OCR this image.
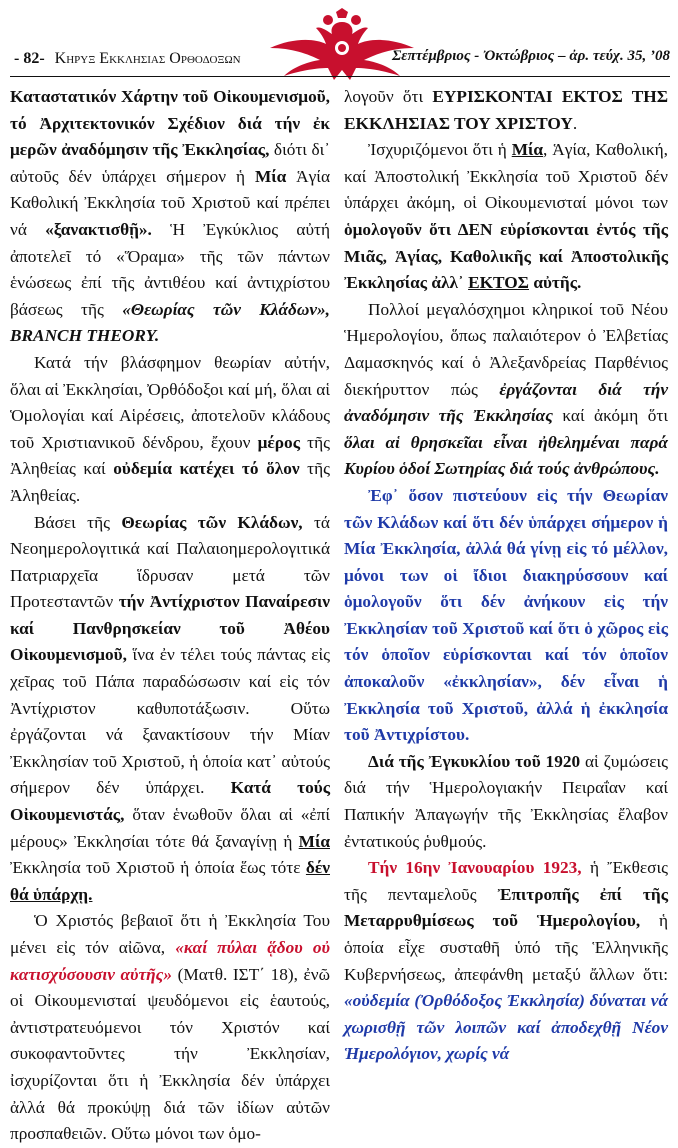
- 82- Κηρυξ Εκκλησιας Ορθοδοξων	Σεπτέμβριος - Ὀκτώβριος – ἀρ. τεύχ. 35, ’08

Καταστατικόν Χάρτην τοῦ Οἰκουμενισμοῦ, τό Ἀρχιτεκτονικόν Σχέδιον διά τήν ἐκ μερῶν ἀναδόμησιν τῆς Ἐκκλησίας, διότι δι᾽ αὐτοῦς δέν ὑπάρχει σήμερον ἡ Μία Ἁγία Καθολική Ἐκκλησία τοῦ Χριστοῦ καί πρέπει νά «ξανακτισθῇ». Ἡ Ἐγκύκλιος αὐτή ἀποτελεῖ τό «Ὅραμα» τῆς τῶν πάντων ἑνώσεως ἐπί τῆς ἀντιθέου καί ἀντιχρίστου βάσεως τῆς «Θεωρίας τῶν Κλάδων», BRANCH THEORY.

Κατά τήν βλάσφημον θεωρίαν αὐτήν, ὅλαι αἱ Ἐκκλησίαι, Ὀρθόδοξοι καί μή, ὅλαι αἱ Ὁμολογίαι καί Αἱρέσεις, ἀποτελοῦν κλάδους τοῦ Χριστιανικοῦ δένδρου, ἔχουν μέρος τῆς Ἀληθείας καί οὐδεμία κατέχει τό ὅλον τῆς Ἀληθείας.

Βάσει τῆς Θεωρίας τῶν Κλάδων, τά Νεοημερολογιτικά καί Παλαιοημερολογιτικά Πατριαρχεῖα ἵδρυσαν μετά τῶν Προτεσταντῶν τήν Ἀντίχριστον Παναίρεσιν καί Πανθρησκείαν τοῦ Ἀθέου Οἰκουμενισμοῦ, ἵνα ἐν τέλει τούς πάντας εἰς χεῖρας τοῦ Πάπα παραδώσωσιν καί εἰς τόν Ἀντίχριστον καθυποτάξωσιν. Οὕτω ἐργάζονται νά ξανακτίσουν τήν Μίαν Ἐκκλησίαν τοῦ Χριστοῦ, ἡ ὁποία κατ᾽ αὐτούς σήμερον δέν ὑπάρχει. Κατά τούς Οἰκουμενιστάς, ὅταν ἑνωθοῦν ὅλαι αἱ «ἐπί μέρους» Ἐκκλησίαι τότε θά ξαναγίνῃ ἡ Μία Ἐκκλησία τοῦ Χριστοῦ ἡ ὁποία ἕως τότε δέν θά ὑπάρχῃ.

Ὁ Χριστός βεβαιοῖ ὅτι ἡ Ἐκκλησία Του μένει εἰς τόν αἰῶνα, «καί πύλαι ᾅδου οὐ κατισχύσουσιν αὐτῆς» (Ματθ. ΙΣΤ΄ 18), ἐνῶ οἱ Οἰκουμενισταί ψευδόμενοι εἰς ἑαυτούς, ἀντιστρατευόμενοι τόν Χριστόν καί συκοφαντοῦντες τήν Ἐκκλησίαν, ἰσχυρίζονται ὅτι ἡ Ἐκκλησία δέν ὑπάρχει ἀλλά θά προκύψῃ διά τῶν ἰδίων αὐτῶν προσπαθειῶν. Οὕτω μόνοι των ὁμο-

λογοῦν ὅτι ΕΥΡΙΣΚΟΝΤΑΙ ΕΚΤΟΣ ΤΗΣ ΕΚΚΛΗΣΙΑΣ ΤΟΥ ΧΡΙΣΤΟΥ.

Ἰσχυριζόμενοι ὅτι ἡ Μία, Ἁγία, Καθολική, καί Ἀποστολική Ἐκκλησία τοῦ Χριστοῦ δέν ὑπάρχει ἀκόμη, οἱ Οἰκουμενισταί μόνοι των ὁμολογοῦν ὅτι ΔΕΝ εὑρίσκονται ἐντός τῆς Μιᾶς, Ἁγίας, Καθολικῆς καί Ἀποστολικῆς Ἐκκλησίας ἀλλ᾽ ΕΚΤΟΣ αὐτῆς.

Πολλοί μεγαλόσχημοι κληρικοί τοῦ Νέου Ἡμερολογίου, ὅπως παλαιότερον ὁ Ἐλβετίας Δαμασκηνός καί ὁ Ἀλεξανδρείας Παρθένιος διεκήρυττον πώς ἐργάζονται διά τήν ἀναδόμησιν τῆς Ἐκκλησίας καί ἀκόμη ὅτι ὅλαι αἱ θρησκεῖαι εἶναι ἠθελημέναι παρά Κυρίου ὁδοί Σωτηρίας διά τούς ἀνθρώπους.

Ἐφ᾽ ὅσον πιστεύουν εἰς τήν Θεωρίαν τῶν Κλάδων καί ὅτι δέν ὑπάρχει σήμερον ἡ Μία Ἐκκλησία, ἀλλά θά γίνῃ εἰς τό μέλλον, μόνοι των οἱ ἴδιοι διακηρύσσουν καί ὁμολογοῦν ὅτι δέν ἀνήκουν εἰς τήν Ἐκκλησίαν τοῦ Χριστοῦ καί ὅτι ὁ χῶρος εἰς τόν ὁποῖον εὑρίσκονται καί τόν ὁποῖον ἀποκαλοῦν «ἐκκλησίαν», δέν εἶναι ἡ Ἐκκλησία τοῦ Χριστοῦ, ἀλλά ἡ ἐκκλησία τοῦ Ἀντιχρίστου.

Διά τῆς Ἐγκυκλίου τοῦ 1920 αἱ ζυμώσεις διά τήν Ἡμερολογιακήν Πειραΐαν καί Παπικήν Ἀπαγωγήν τῆς Ἐκκλησίας ἔλαβον ἐντατικούς ῥυθμούς.

Τήν 16ην Ἰανουαρίου 1923, ἡ Ἔκθεσις τῆς πενταμελοῦς Ἐπιτροπῆς ἐπί τῆς Μεταρρυθμίσεως τοῦ Ἡμερολογίου, ἡ ὁποία εἶχε συσταθῆ ὑπό τῆς Ἑλληνικῆς Κυβερνήσεως, ἀπεφάνθη μεταξύ ἄλλων ὅτι: «οὐδεμία (Ὀρθόδοξος Ἐκκλησία) δύναται νά χωρισθῇ τῶν λοιπῶν καί ἀποδεχθῇ Νέον Ἡμερολόγιον, χωρίς νά
